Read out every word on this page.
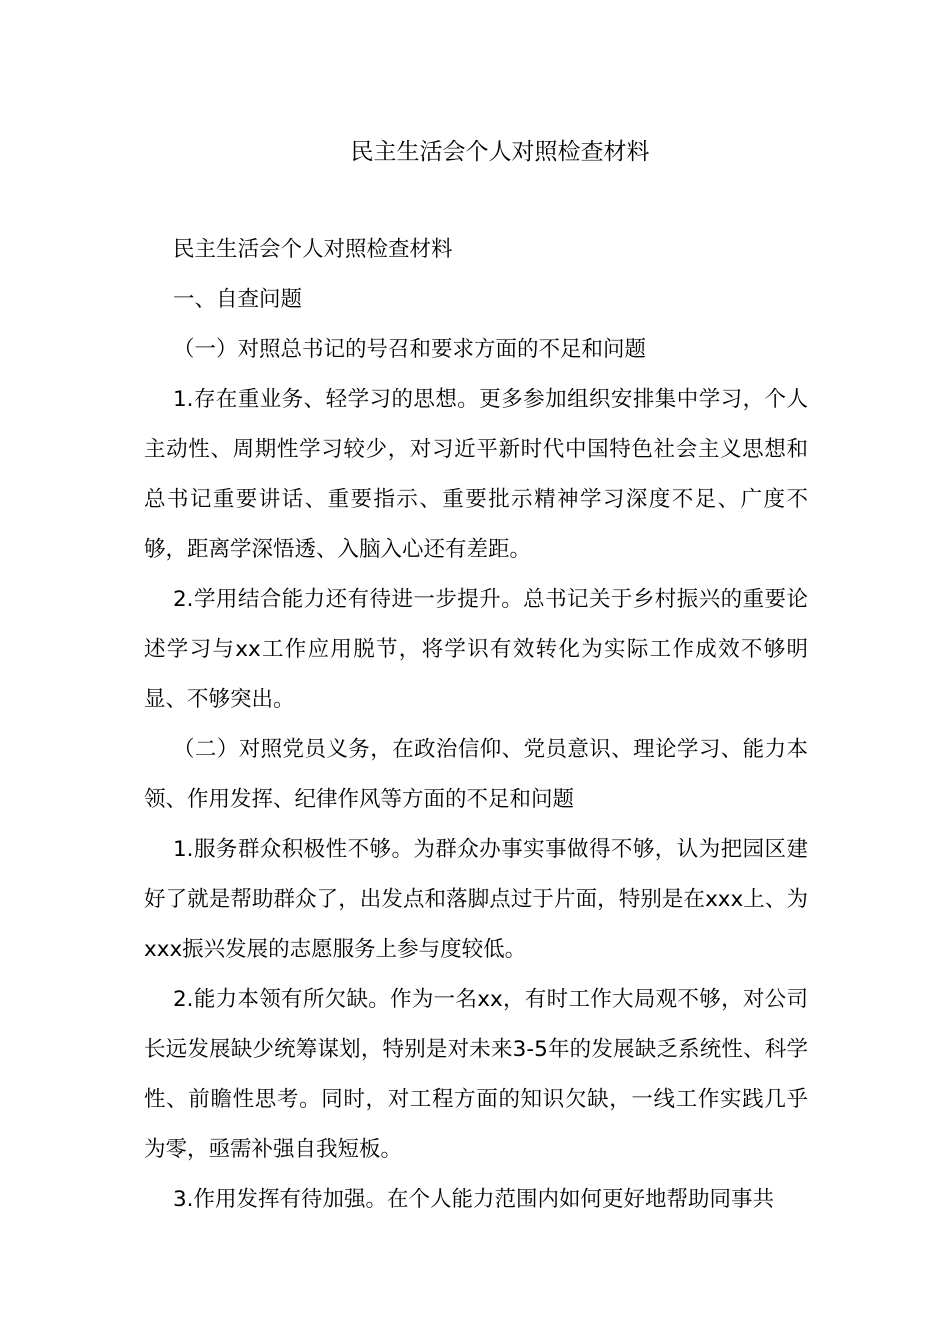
民主生活会个人对照检查材料

民主生活会个人对照检查材料

一、自查问题

（一）对照总书记的号召和要求方面的不足和问题

1.存在重业务、轻学习的思想。更多参加组织安排集中学习，个人主动性、周期性学习较少，对习近平新时代中国特色社会主义思想和总书记重要讲话、重要指示、重要批示精神学习深度不足、广度不够，距离学深悟透、入脑入心还有差距。

2.学用结合能力还有待进一步提升。总书记关于乡村振兴的重要论述学习与xx工作应用脱节，将学识有效转化为实际工作成效不够明显、不够突出。

（二）对照党员义务，在政治信仰、党员意识、理论学习、能力本领、作用发挥、纪律作风等方面的不足和问题

1.服务群众积极性不够。为群众办事实事做得不够，认为把园区建好了就是帮助群众了，出发点和落脚点过于片面，特别是在xxx上、为xxx振兴发展的志愿服务上参与度较低。

2.能力本领有所欠缺。作为一名xx，有时工作大局观不够，对公司长远发展缺少统筹谋划，特别是对未来3-5年的发展缺乏系统性、科学性、前瞻性思考。同时，对工程方面的知识欠缺，一线工作实践几乎为零，亟需补强自我短板。

3.作用发挥有待加强。在个人能力范围内如何更好地帮助同事共
